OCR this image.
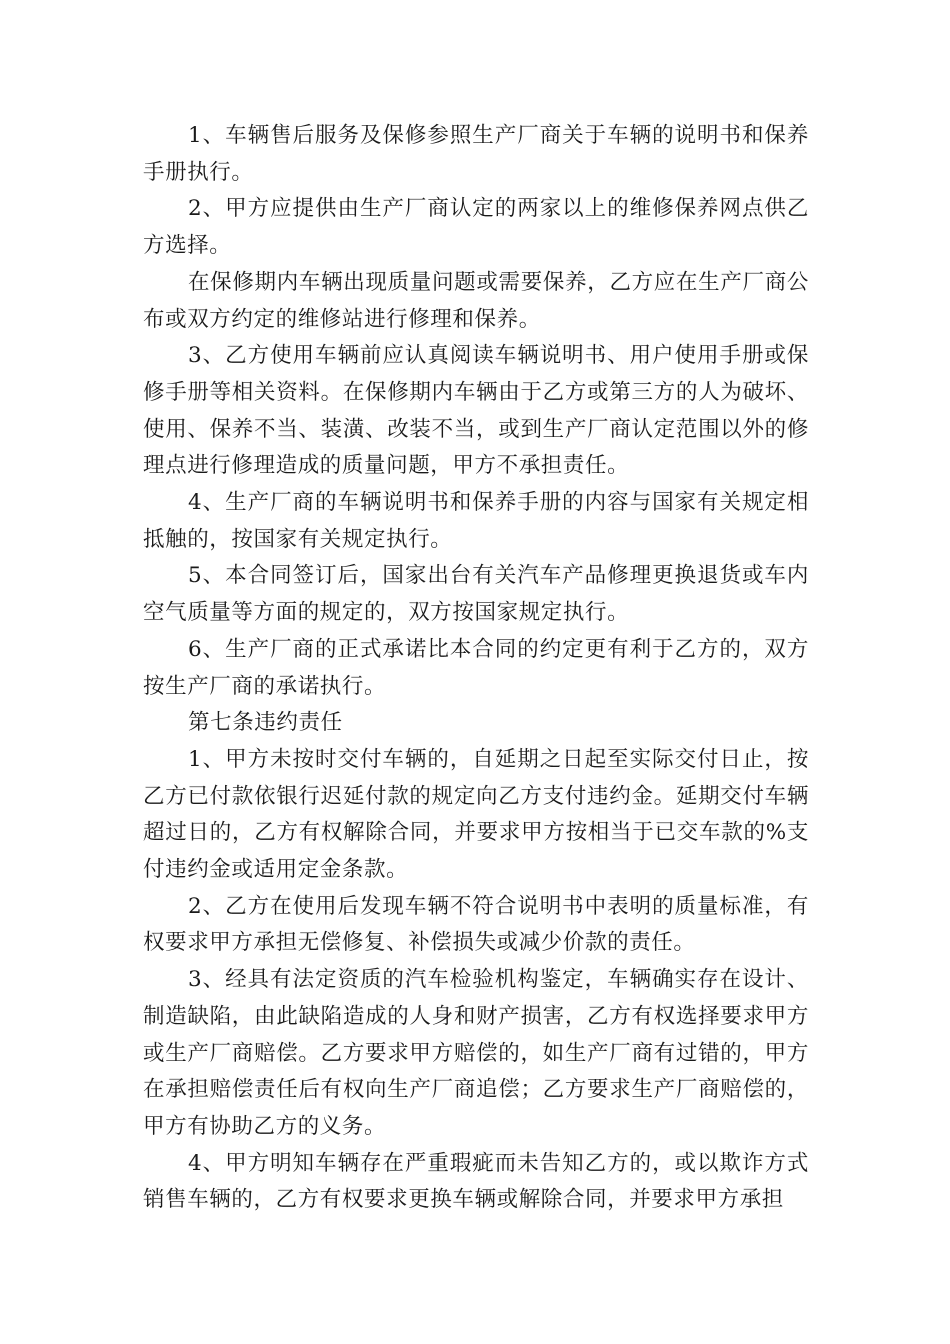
1、车辆售后服务及保修参照生产厂商关于车辆的说明书和保养手册执行。

2、甲方应提供由生产厂商认定的两家以上的维修保养网点供乙方选择。

在保修期内车辆出现质量问题或需要保养，乙方应在生产厂商公布或双方约定的维修站进行修理和保养。

3、乙方使用车辆前应认真阅读车辆说明书、用户使用手册或保修手册等相关资料。在保修期内车辆由于乙方或第三方的人为破坏、使用、保养不当、装潢、改装不当，或到生产厂商认定范围以外的修理点进行修理造成的质量问题，甲方不承担责任。

4、生产厂商的车辆说明书和保养手册的内容与国家有关规定相抵触的，按国家有关规定执行。

5、本合同签订后，国家出台有关汽车产品修理更换退货或车内空气质量等方面的规定的，双方按国家规定执行。

6、生产厂商的正式承诺比本合同的约定更有利于乙方的，双方按生产厂商的承诺执行。

第七条违约责任

1、甲方未按时交付车辆的，自延期之日起至实际交付日止，按乙方已付款依银行迟延付款的规定向乙方支付违约金。延期交付车辆超过日的，乙方有权解除合同，并要求甲方按相当于已交车款的%支付违约金或适用定金条款。

2、乙方在使用后发现车辆不符合说明书中表明的质量标准，有权要求甲方承担无偿修复、补偿损失或减少价款的责任。

3、经具有法定资质的汽车检验机构鉴定，车辆确实存在设计、制造缺陷，由此缺陷造成的人身和财产损害，乙方有权选择要求甲方或生产厂商赔偿。乙方要求甲方赔偿的，如生产厂商有过错的，甲方在承担赔偿责任后有权向生产厂商追偿；乙方要求生产厂商赔偿的，甲方有协助乙方的义务。

4、甲方明知车辆存在严重瑕疵而未告知乙方的，或以欺诈方式销售车辆的，乙方有权要求更换车辆或解除合同，并要求甲方承担
